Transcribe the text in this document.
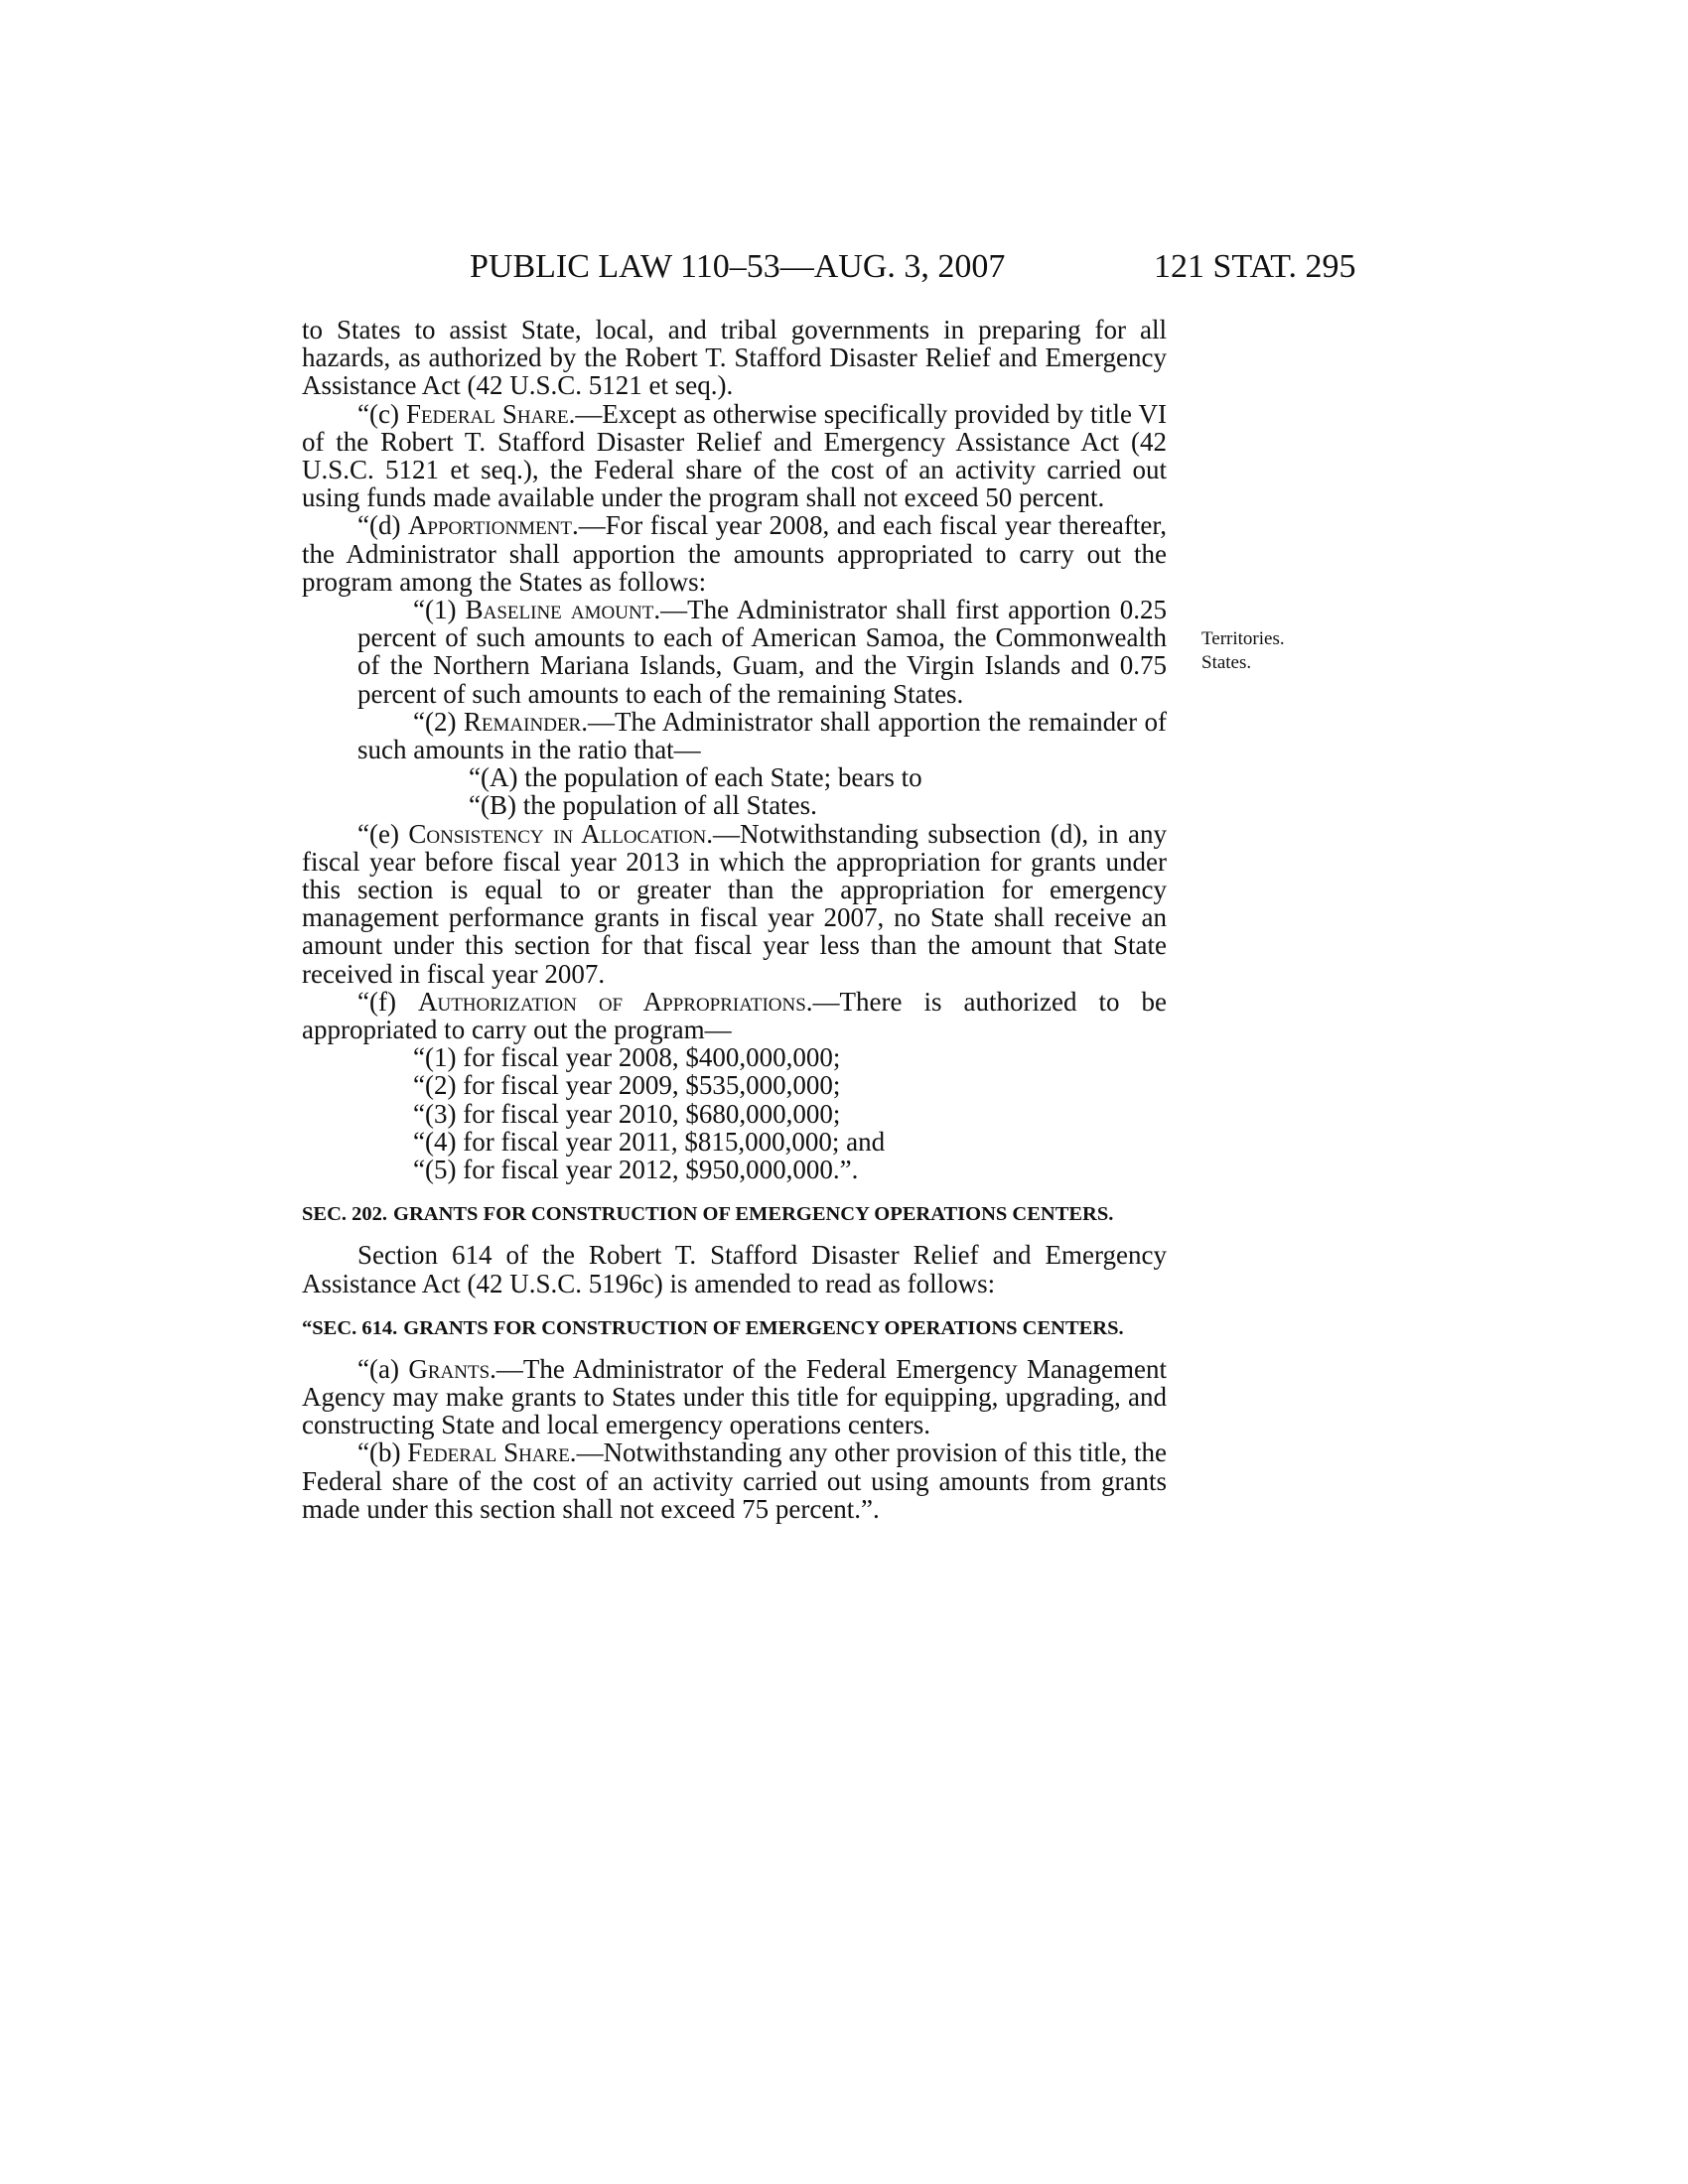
PUBLIC LAW 110–53—AUG. 3, 2007	121 STAT. 295
Territories.
States.

to States to assist State, local, and tribal governments in preparing for all hazards, as authorized by the Robert T. Stafford Disaster Relief and Emergency Assistance Act (42 U.S.C. 5121 et seq.).

“(c) Federal Share.—Except as otherwise specifically provided by title VI of the Robert T. Stafford Disaster Relief and Emergency Assistance Act (42 U.S.C. 5121 et seq.), the Federal share of the cost of an activity carried out using funds made available under the program shall not exceed 50 percent.

“(d) Apportionment.—For fiscal year 2008, and each fiscal year thereafter, the Administrator shall apportion the amounts appropriated to carry out the program among the States as follows:

“(1) Baseline amount.—The Administrator shall first apportion 0.25 percent of such amounts to each of American Samoa, the Commonwealth of the Northern Mariana Islands, Guam, and the Virgin Islands and 0.75 percent of such amounts to each of the remaining States.

“(2) Remainder.—The Administrator shall apportion the remainder of such amounts in the ratio that—

“(A) the population of each State; bears to

“(B) the population of all States.

“(e) Consistency in Allocation.—Notwithstanding subsection (d), in any fiscal year before fiscal year 2013 in which the appropriation for grants under this section is equal to or greater than the appropriation for emergency management performance grants in fiscal year 2007, no State shall receive an amount under this section for that fiscal year less than the amount that State received in fiscal year 2007.

“(f) Authorization of Appropriations.—There is authorized to be appropriated to carry out the program—

“(1) for fiscal year 2008, $400,000,000;

“(2) for fiscal year 2009, $535,000,000;

“(3) for fiscal year 2010, $680,000,000;

“(4) for fiscal year 2011, $815,000,000; and

“(5) for fiscal year 2012, $950,000,000.”.

SEC. 202. GRANTS FOR CONSTRUCTION OF EMERGENCY OPERATIONS CENTERS.

Section 614 of the Robert T. Stafford Disaster Relief and Emergency Assistance Act (42 U.S.C. 5196c) is amended to read as follows:

“SEC. 614. GRANTS FOR CONSTRUCTION OF EMERGENCY OPERATIONS CENTERS.

“(a) Grants.—The Administrator of the Federal Emergency Management Agency may make grants to States under this title for equipping, upgrading, and constructing State and local emergency operations centers.

“(b) Federal Share.—Notwithstanding any other provision of this title, the Federal share of the cost of an activity carried out using amounts from grants made under this section shall not exceed 75 percent.”.
